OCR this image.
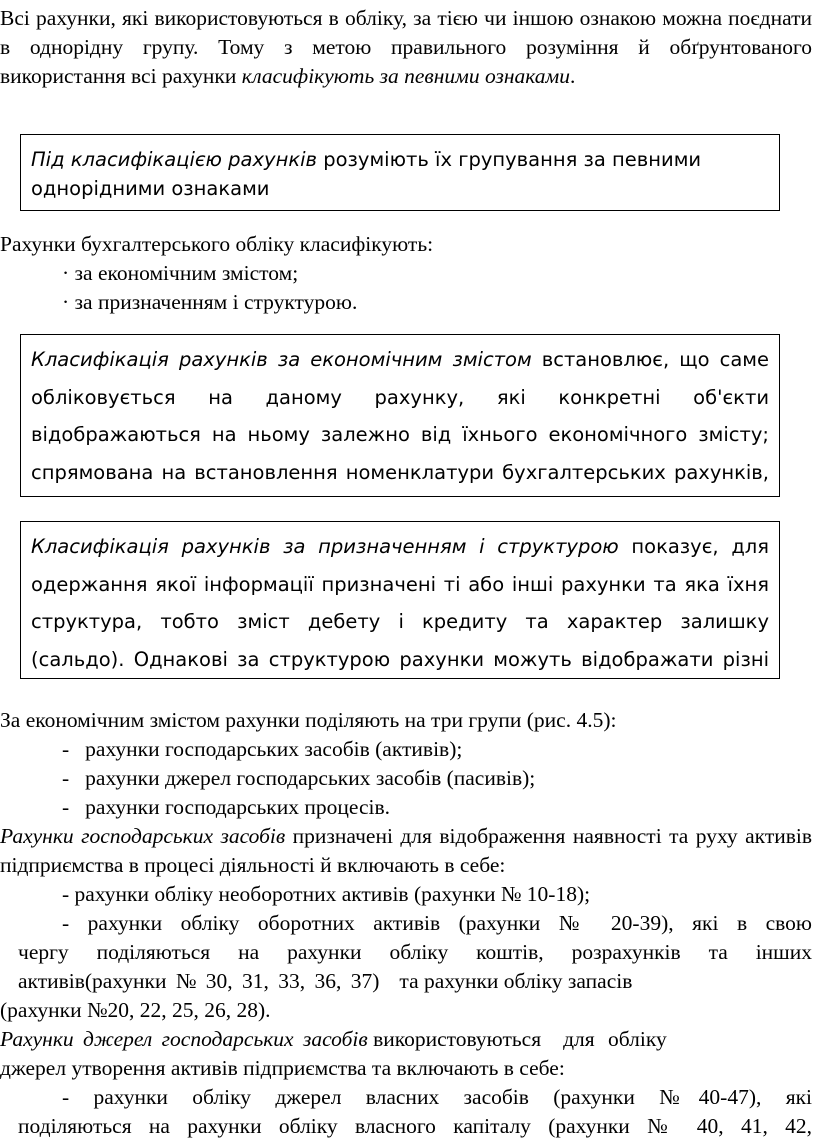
Всі рахунки, які використовуються в обліку, за тією чи іншою ознакою можна поєднати в однорідну групу. Тому з метою правильного розуміння й обґрунтованого використання всі рахунки класифікують за певними ознаками.

Під класифікацією рахунків розуміють їх групування за певними однорідними ознаками

Рахунки бухгалтерського обліку класифікують:

· за економічним змістом;

· за призначенням і структурою.

Класифікація рахунків за економічним змістом встановлює, що саме обліковується на даному рахунку, які конкретні об'єкти відображаються на ньому залежно від їхнього економічного змісту; спрямована на встановлення номенклатури бухгалтерських рахунків,

Класифікація рахунків за призначенням і структурою показує, для одержання якої інформації призначені ті або інші рахунки та яка їхня структура, тобто зміст дебету і кредиту та характер залишку (сальдо). Однакові за структурою рахунки можуть відображати різні

За економічним змістом рахунки поділяють на три групи (рис. 4.5):

- рахунки господарських засобів (активів);
- рахунки джерел господарських засобів (пасивів);
- рахунки господарських процесів.

Рахунки господарських засобів призначені для відображення наявності та руху активів підприємства в процесі діяльності й включають в себе:

- рахунки обліку необоротних активів (рахунки № 10-18);

- рахунки обліку оборотних активів (рахунки № 20-39), які в свою

чергу поділяються на рахунки обліку коштів, розрахунків та інших

активів(рахунки № 30, 31, 33, 36, 37) та рахунки обліку запасів

(рахунки №20, 22, 25, 26, 28).

Рахунки джерел господарських засобів використовуються для обліку

джерел утворення активів підприємства та включають в себе:

- рахунки обліку джерел власних засобів (рахунки №40-47), які

поділяються на рахунки обліку власного капіталу (рахунки № 40, 41, 42,
